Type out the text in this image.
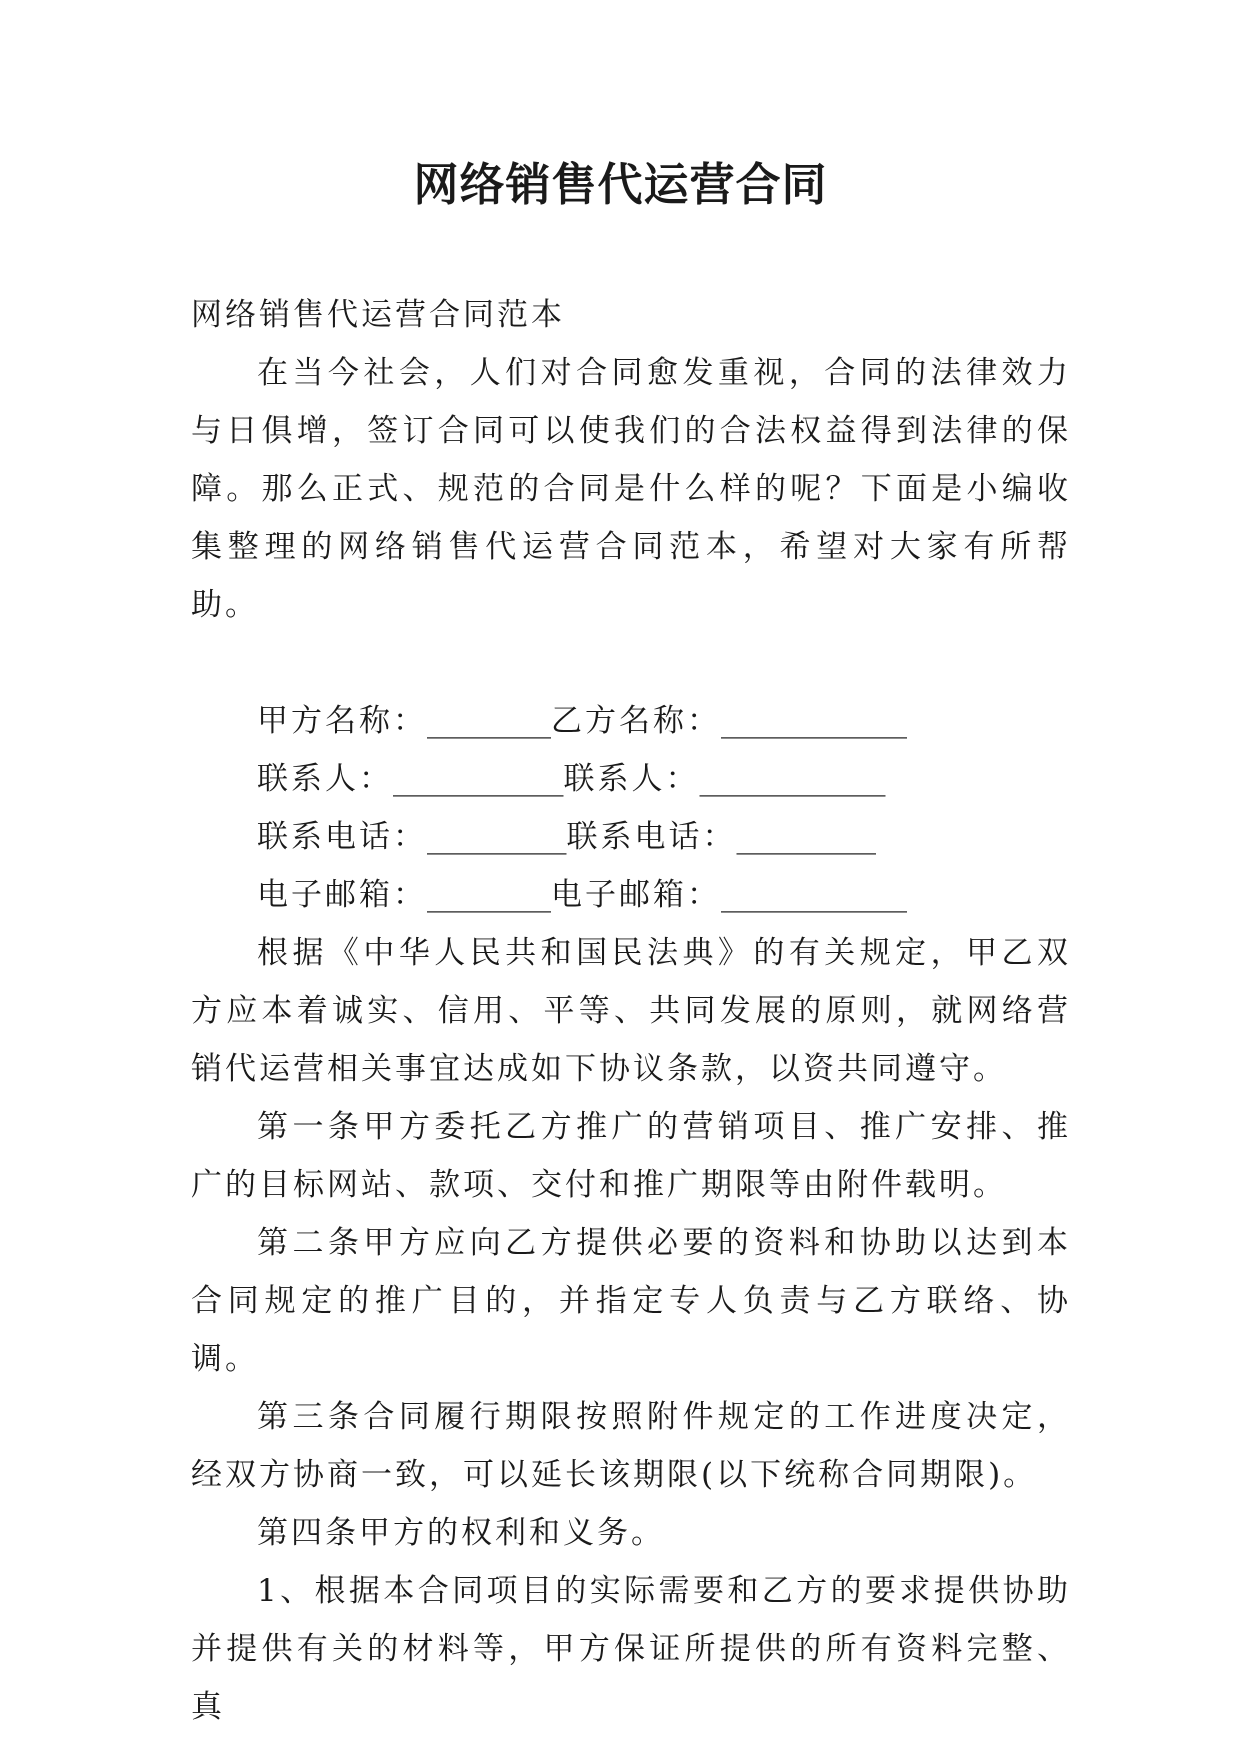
网络销售代运营合同

网络销售代运营合同范本

在当今社会，人们对合同愈发重视，合同的法律效力与日俱增，签订合同可以使我们的合法权益得到法律的保障。那么正式、规范的合同是什么样的呢？下面是小编收集整理的网络销售代运营合同范本，希望对大家有所帮助。

甲方名称：________乙方名称：____________
联系人：___________联系人：____________
联系电话：_________联系电话：_________
电子邮箱：________电子邮箱：____________

根据《中华人民共和国民法典》的有关规定，甲乙双方应本着诚实、信用、平等、共同发展的原则，就网络营销代运营相关事宜达成如下协议条款，以资共同遵守。

第一条甲方委托乙方推广的营销项目、推广安排、推广的目标网站、款项、交付和推广期限等由附件载明。

第二条甲方应向乙方提供必要的资料和协助以达到本合同规定的推广目的，并指定专人负责与乙方联络、协调。

第三条合同履行期限按照附件规定的工作进度决定，经双方协商一致，可以延长该期限(以下统称合同期限)。

第四条甲方的权利和义务。

1、根据本合同项目的实际需要和乙方的要求提供协助并提供有关的材料等，甲方保证所提供的所有资料完整、真
